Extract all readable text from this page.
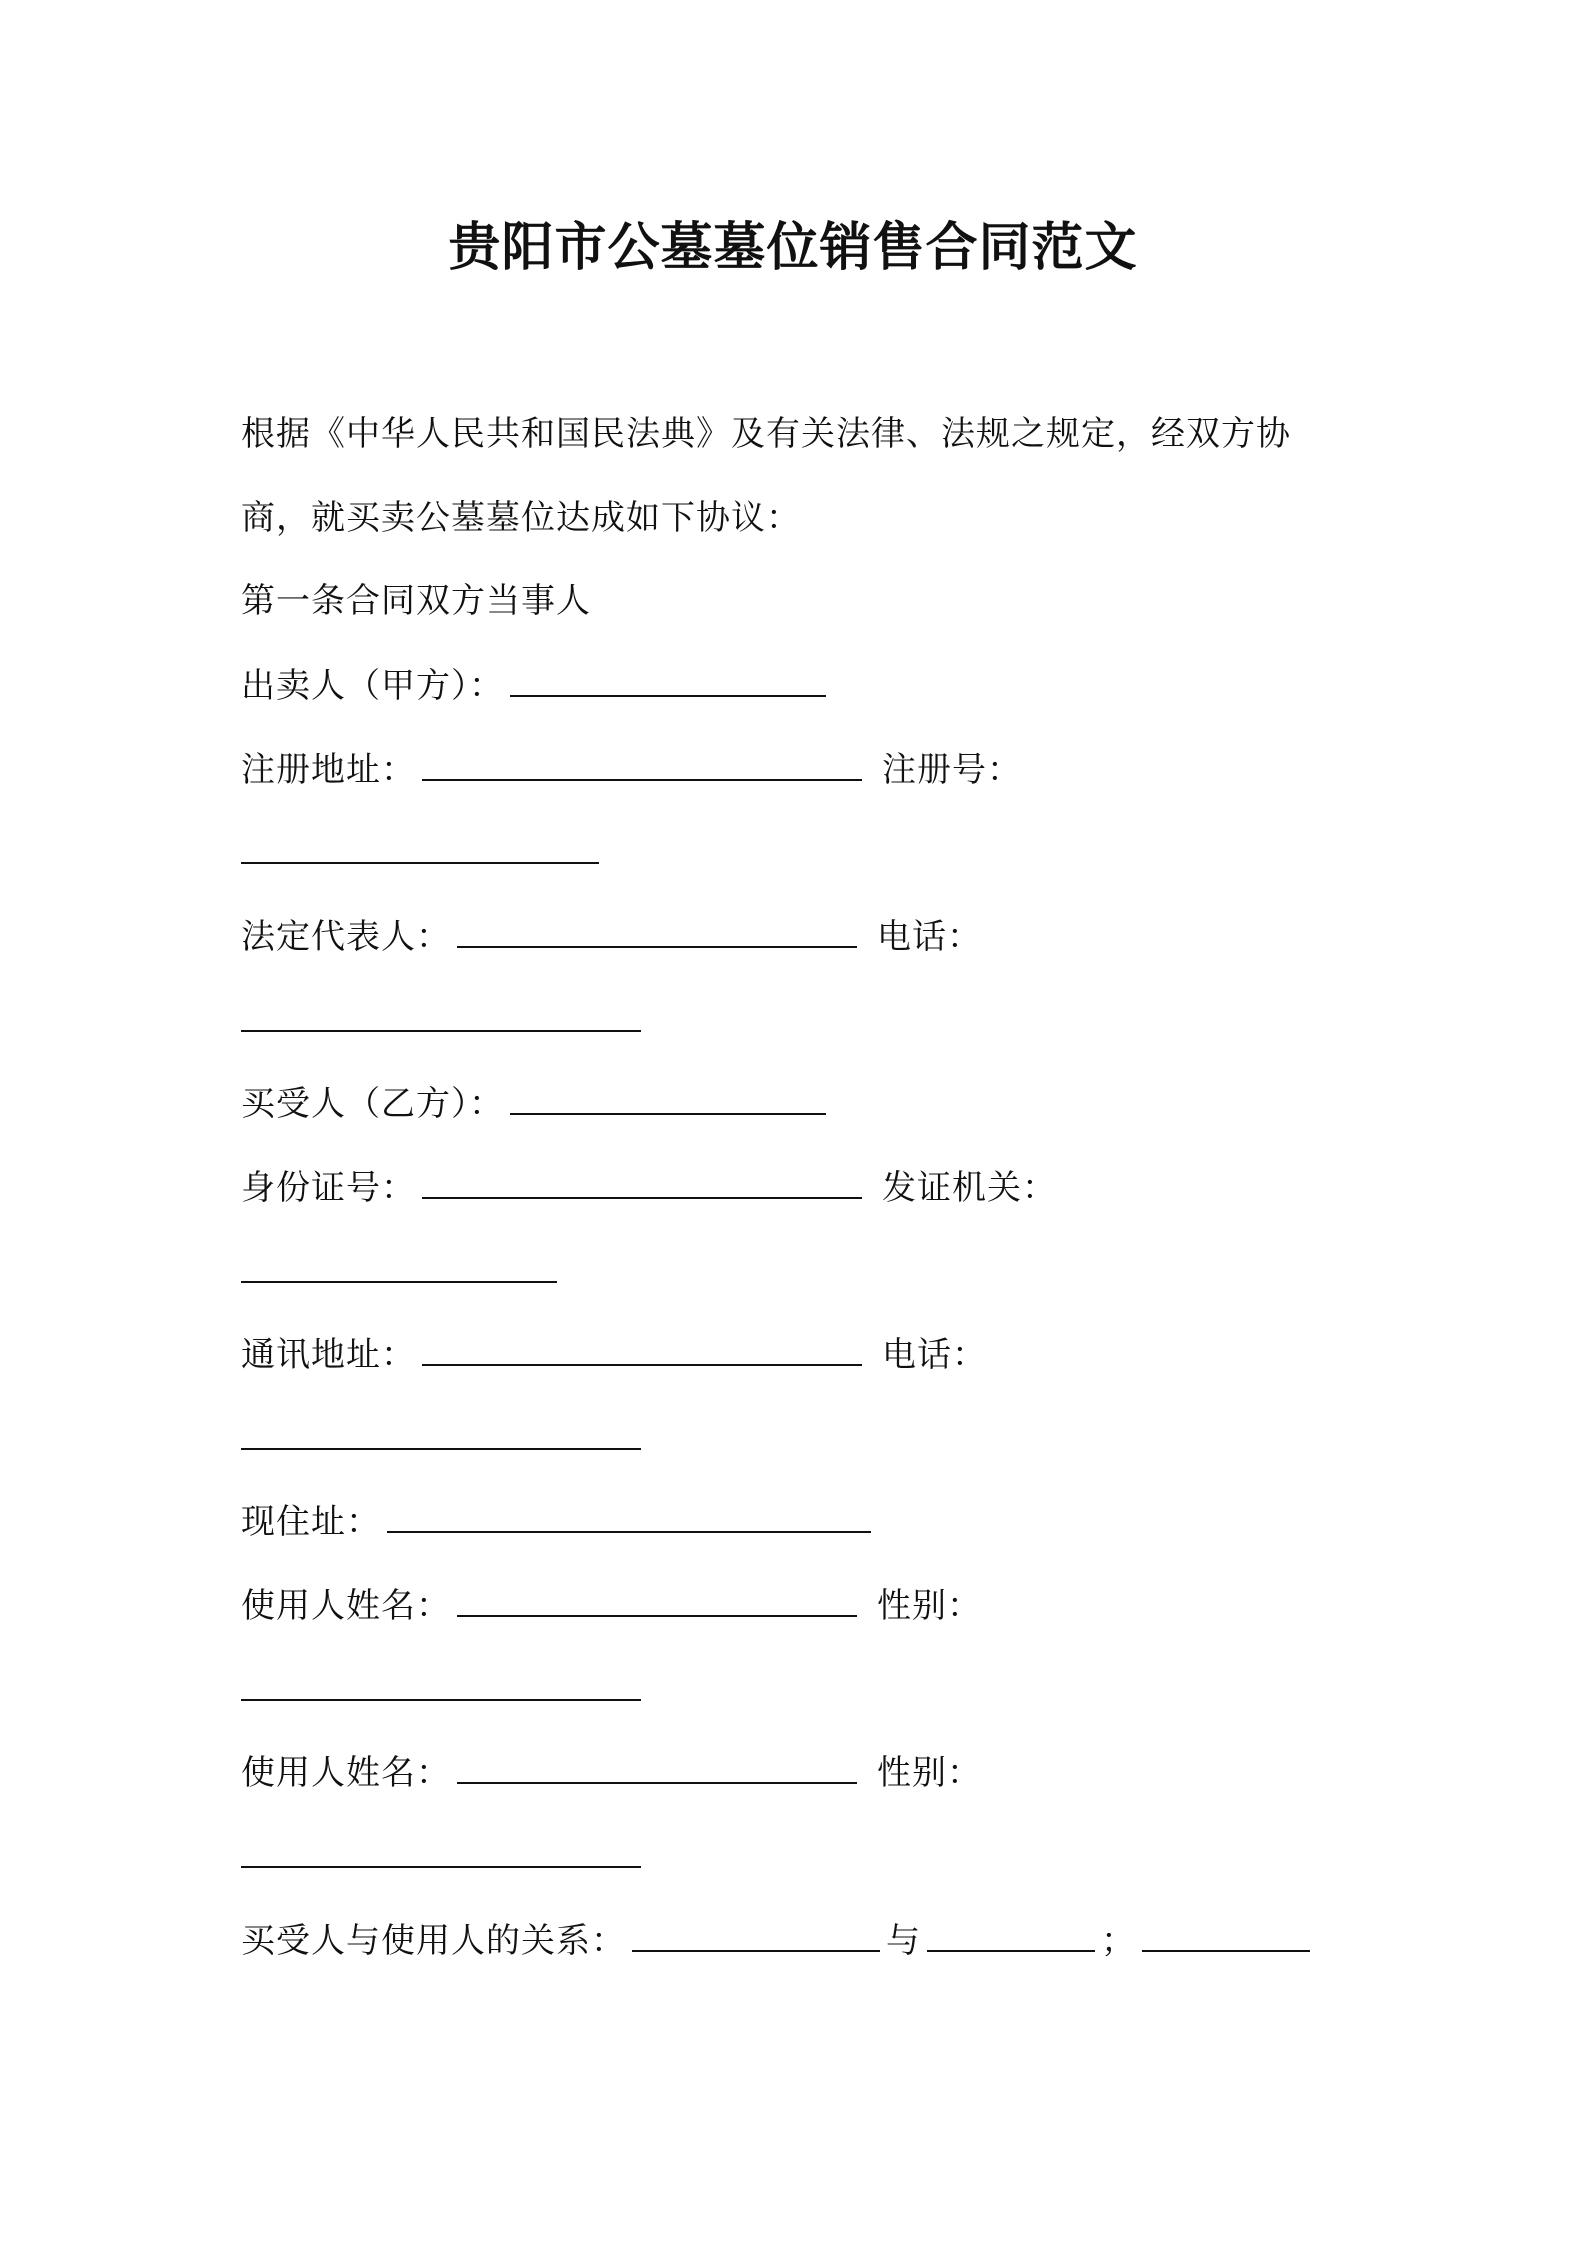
贵阳市公墓墓位销售合同范文
根据《中华人民共和国民法典》及有关法律、法规之规定，经双方协
商，就买卖公墓墓位达成如下协议：
第一条合同双方当事人
出卖人（甲方）：
注册地址：	注册号：
法定代表人：	电话：
买受人（乙方）：
身份证号：	发证机关：
通讯地址：	电话：
现住址：
使用人姓名：	性别：
使用人姓名：	性别：
买受人与使用人的关系：	与	；
